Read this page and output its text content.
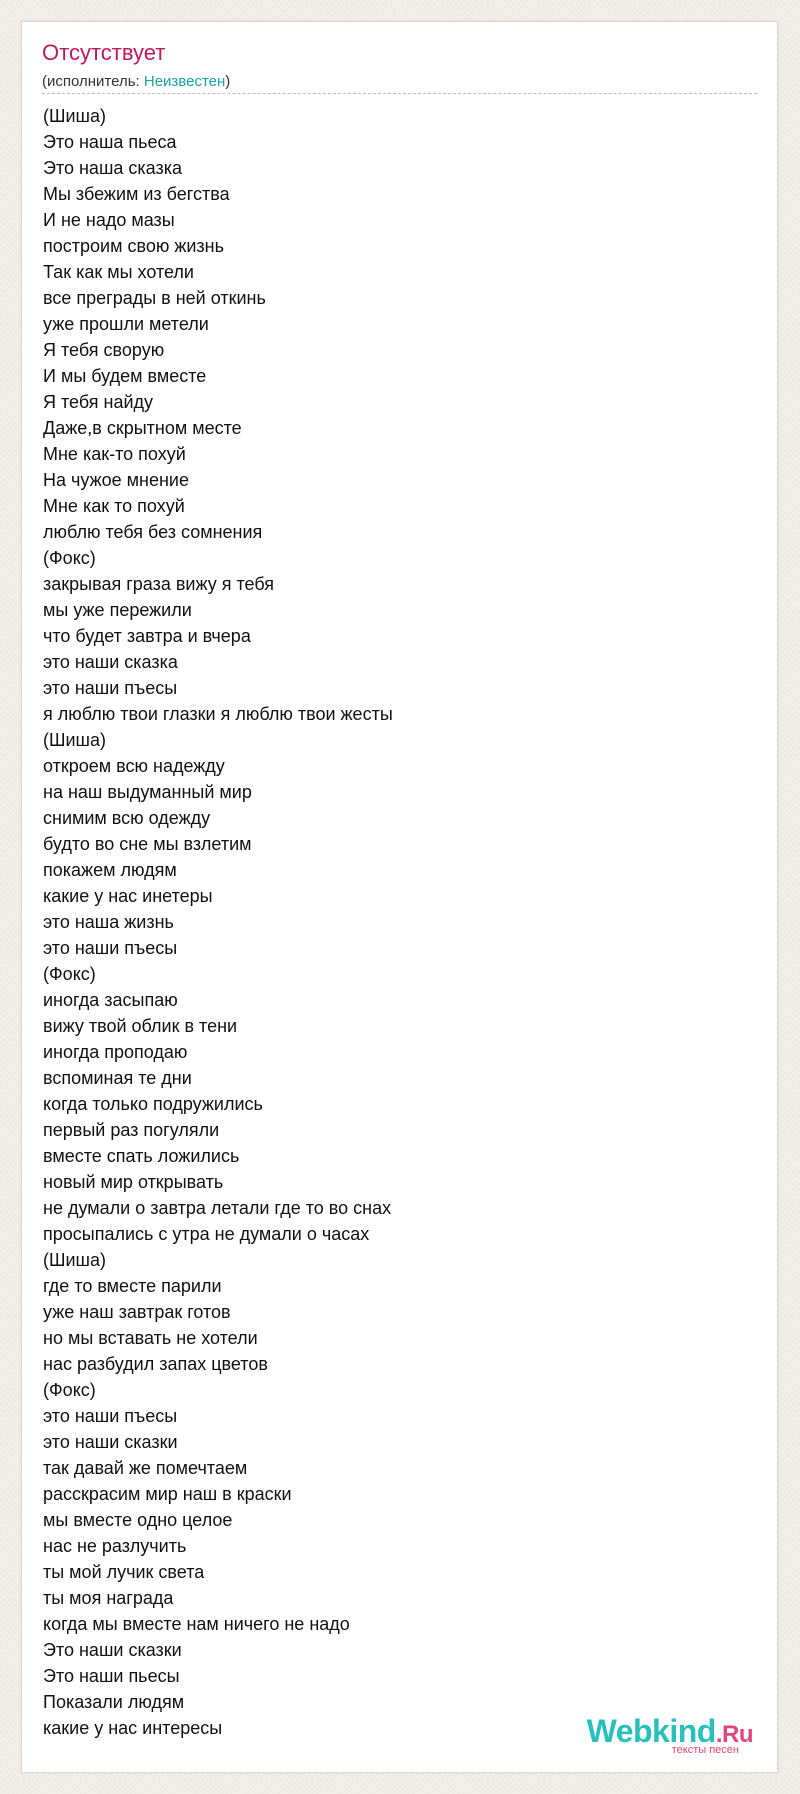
Отсутствует
(исполнитель: Неизвестен)
(Шиша)
Это наша пьеса
Это наша сказка
Мы збежим из бегства
И не надо мазы
построим свою жизнь
Так как мы хотели
все преграды в ней откинь
уже прошли метели
Я тебя сворую
И мы будем вместе
Я тебя найду
Даже,в скрытном месте
Мне как-то похуй
На чужое мнение
Мне как то похуй
люблю тебя без сомнения
(Фокс)
закрывая граза вижу я тебя
мы уже пережили
что будет завтра и вчера
это наши сказка
это наши пъесы
я люблю твои глазки я люблю твои жесты
(Шиша)
откроем всю надежду
на наш выдуманный мир
снимим всю одежду
будто во сне мы взлетим
покажем людям
какие у нас инетеры
это наша жизнь
это наши пъесы
(Фокс)
иногда засыпаю
вижу твой облик в тени
иногда проподаю
вспоминая те дни
когда только подружились
первый раз погуляли
вместе спать ложились
новый мир открывать
не думали о завтра летали где то во снах
просыпались с утра не думали о часах
(Шиша)
где то вместе парили
уже наш завтрак готов
но мы вставать не хотели
нас разбудил запах цветов
(Фокс)
это наши пъесы
это наши сказки
так давай же помечтаем
расскрасим мир наш в краски
мы вместе одно целое
нас не разлучить
ты мой лучик света
ты моя награда
когда мы вместе нам ничего не надо
Это наши сказки
Это наши пьесы
Показали людям
какие у нас интересы	Webkind.Ru
тексты песен
